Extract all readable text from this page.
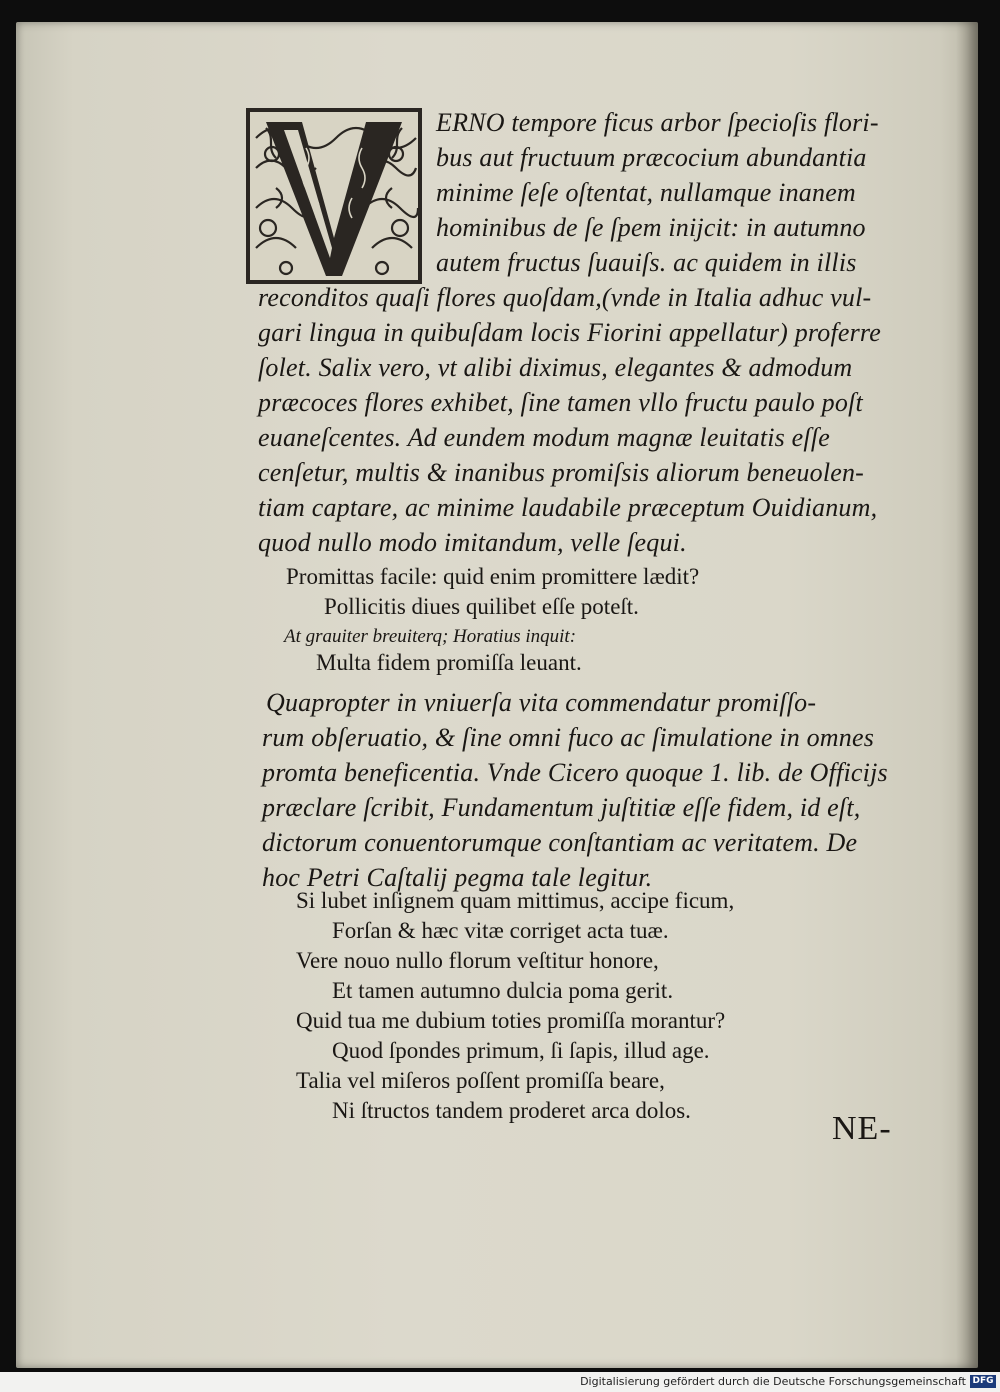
ERNO tempore ficus arbor ſpecioſis flori-
bus aut fructuum præcocium abundantia
minime ſeſe oſtentat, nullamque inanem
hominibus de ſe ſpem inijcit: in autumno
autem fructus ſuauiſs. ac quidem in illis
reconditos quaſi flores quoſdam,(vnde in Italia adhuc vul-
gari lingua in quibuſdam locis Fiorini appellatur) proferre
ſolet. Salix vero, vt alibi diximus, elegantes & admodum
præcoces flores exhibet, ſine tamen vllo fructu paulo poſt
euaneſcentes. Ad eundem modum magnæ leuitatis eſſe
cenſetur, multis & inanibus promiſsis aliorum beneuolen-
tiam captare, ac minime laudabile præceptum Ouidianum,
quod nullo modo imitandum, velle ſequi.
Promittas facile: quid enim promittere lædit?
Pollicitis diues quilibet eſſe poteſt.
At grauiter breuiterq; Horatius inquit:
Multa fidem promiſſa leuant.
Quapropter in vniuerſa vita commendatur promiſſo-
rum obſeruatio, & ſine omni fuco ac ſimulatione in omnes
promta beneficentia. Vnde Cicero quoque 1. lib. de Officijs
præclare ſcribit, Fundamentum juſtitiæ eſſe fidem, id eſt,
dictorum conuentorumque conſtantiam ac veritatem. De
hoc Petri Caſtalij pegma tale legitur.
Si lubet inſignem quam mittimus, accipe ficum,
Forſan & hæc vitæ corriget acta tuæ.
Vere nouo nullo florum veſtitur honore,
Et tamen autumno dulcia poma gerit.
Quid tua me dubium toties promiſſa morantur?
Quod ſpondes primum, ſi ſapis, illud age.
Talia vel miſeros poſſent promiſſa beare,
Ni ſtructos tandem proderet arca dolos.	NE-
Digitalisierung gefördert durch die Deutsche Forschungsgemeinschaft DFG
